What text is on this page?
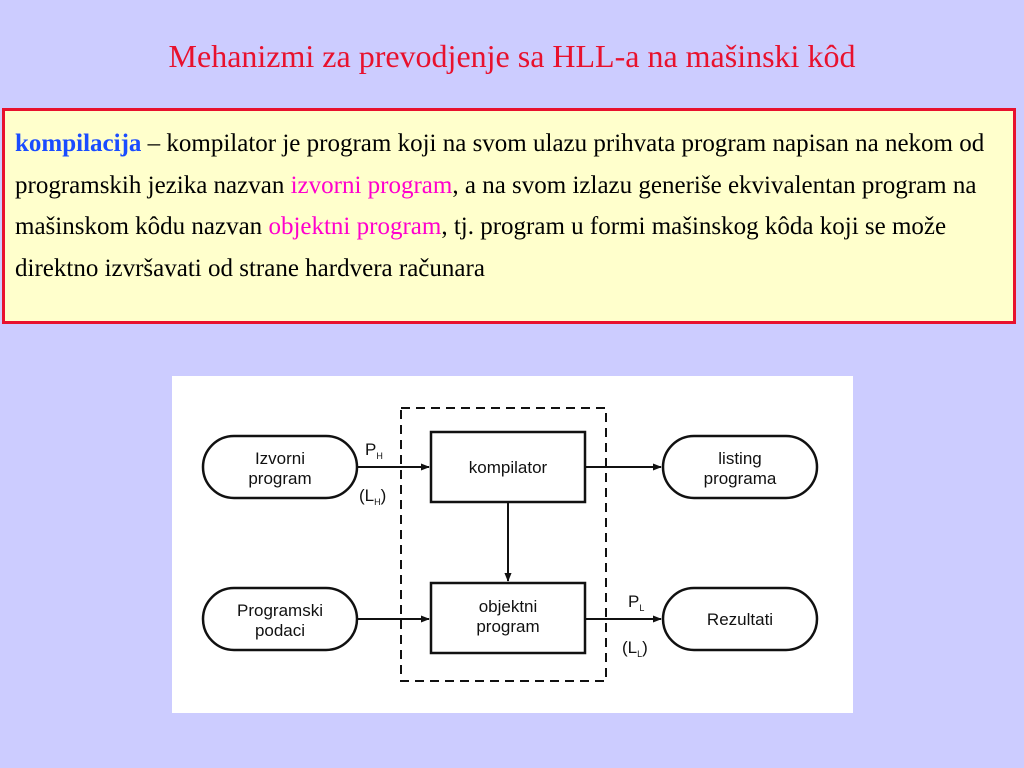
Mehanizmi za prevodjenje sa HLL-a na mašinski kôd
kompilacija – kompilator je program koji na svom ulazu prihvata program napisan na nekom od programskih jezika nazvan izvorni program, a na svom izlazu generiše ekvivalentan program na mašinskom kôdu nazvan objektni program, tj. program u formi mašinskog kôda koji se može direktno izvršavati od strane hardvera računara
Izvorni
program
kompilator	listing
programa
Programski
podaci
objektni
program	Rezultati
$P_H$
$(L_H)$
$P_L$
$(L_L)$
